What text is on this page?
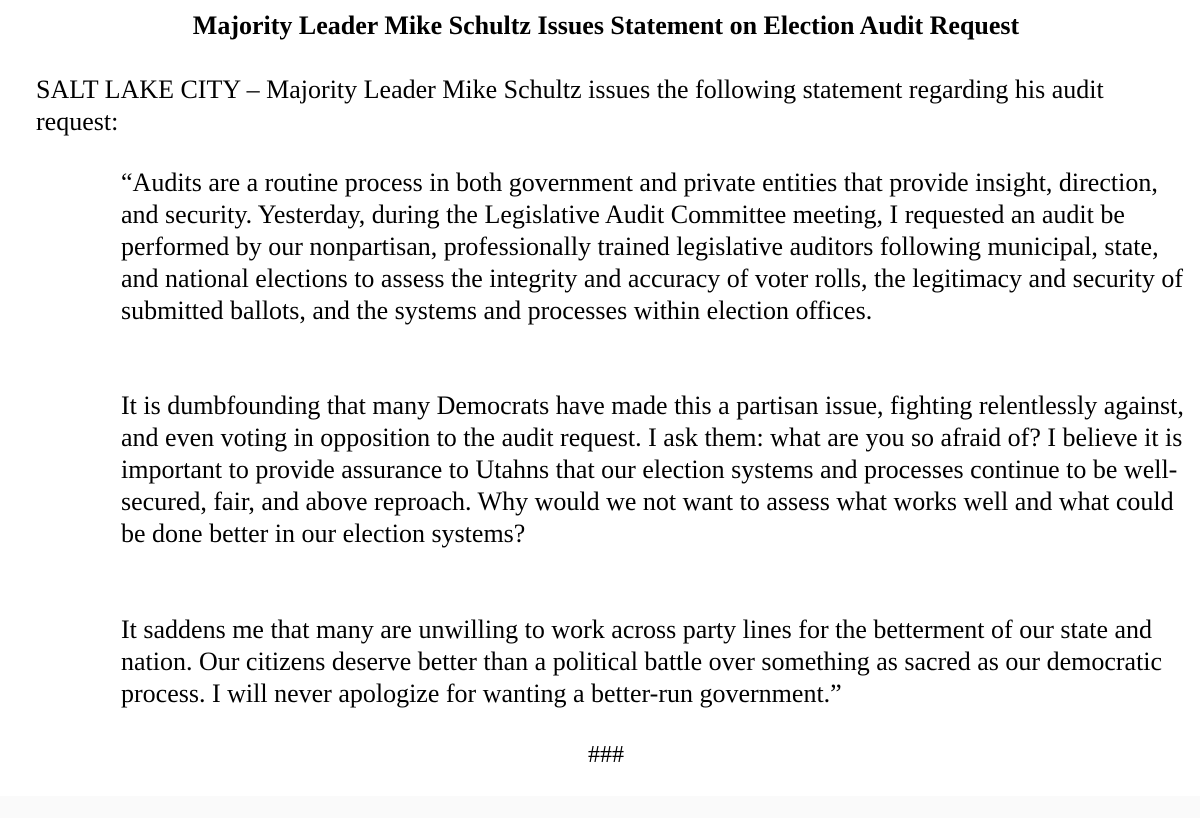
Majority Leader Mike Schultz Issues Statement on Election Audit Request

SALT LAKE CITY – Majority Leader Mike Schultz issues the following statement regarding his audit request:

“Audits are a routine process in both government and private entities that provide insight, direction, and security. Yesterday, during the Legislative Audit Committee meeting, I requested an audit be performed by our nonpartisan, professionally trained legislative auditors following municipal, state, and national elections to assess the integrity and accuracy of voter rolls, the legitimacy and security of submitted ballots, and the systems and processes within election offices.

It is dumbfounding that many Democrats have made this a partisan issue, fighting relentlessly against, and even voting in opposition to the audit request. I ask them: what are you so afraid of? I believe it is important to provide assurance to Utahns that our election systems and processes continue to be well-secured, fair, and above reproach. Why would we not want to assess what works well and what could be done better in our election systems?

It saddens me that many are unwilling to work across party lines for the betterment of our state and nation. Our citizens deserve better than a political battle over something as sacred as our democratic process. I will never apologize for wanting a better-run government.”

###
